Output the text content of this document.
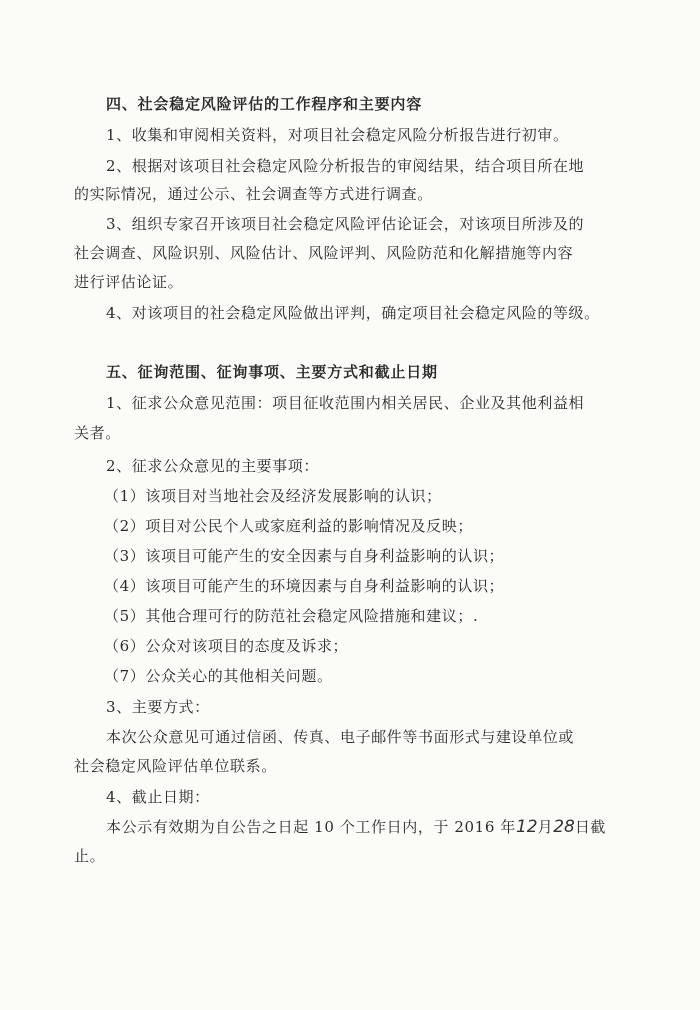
四、社会稳定风险评估的工作程序和主要内容
1、收集和审阅相关资料，对项目社会稳定风险分析报告进行初审。
2、根据对该项目社会稳定风险分析报告的审阅结果，结合项目所在地
的实际情况，通过公示、社会调查等方式进行调查。
3、组织专家召开该项目社会稳定风险评估论证会，对该项目所涉及的
社会调查、风险识别、风险估计、风险评判、风险防范和化解措施等内容
进行评估论证。
4、对该项目的社会稳定风险做出评判，确定项目社会稳定风险的等级。
五、征询范围、征询事项、主要方式和截止日期
1、征求公众意见范围：项目征收范围内相关居民、企业及其他利益相
关者。
2、征求公众意见的主要事项：
（1）该项目对当地社会及经济发展影响的认识；
（2）项目对公民个人或家庭利益的影响情况及反映；
（3）该项目可能产生的安全因素与自身利益影响的认识；
（4）该项目可能产生的环境因素与自身利益影响的认识；
（5）其他合理可行的防范社会稳定风险措施和建议；.
（6）公众对该项目的态度及诉求；
（7）公众关心的其他相关问题。
3、主要方式：
本次公众意见可通过信函、传真、电子邮件等书面形式与建设单位或
社会稳定风险评估单位联系。
4、截止日期：
本公示有效期为自公告之日起 10 个工作日内，于 2016 年12月28日截
止。
